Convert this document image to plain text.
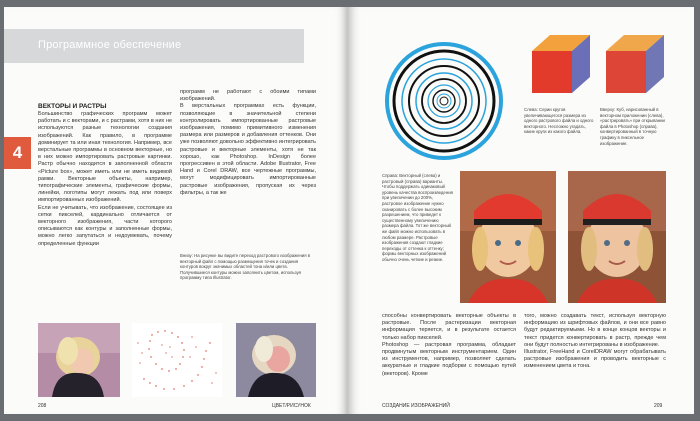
Программное обеспечение
4
ВЕКТОРЫ И РАСТРЫ
Большинство графических программ может работать и с векторами, и с растрами, хотя в них не используются разные технологии создания изображений. Как правило, в программе доминирует та или иная технология. Например, все верстальные программы в основном векторные, но в них можно импортировать растровые картинки. Растр обычно находится в заполненной области «Picture box», может иметь или не иметь видимой рамки. Векторные объекты, например, типографические элементы, графические формы, линейки, логотипы могут лежать под или поверх импортированных изображений.
Если не учитывать, что изображение, состоящее из сетки пикселей, кардинально отличается от векторного изображения, части которого описываются как контуры и заполненные формы, можно легко запутаться и недоумевать, почему определенные функции
программ не работают с обоими типами изображений.
В верстальных программах есть функции, позволяющие в значительной степени контролировать импортированные растровые изображения, помимо примитивного изменения размера или размеров и добавления оттенков. Они уже позволяют довольно эффективно интегрировать растровые и векторные элементы, хотя не так хорошо, как Photoshop. InDesign более прогрессивен в этой области. Adobe Illustrator, Free Hand и Corel DRAW, все чертежные программы, могут модифицировать импортированные растровые изображения, пропуская их через фильтры, а так же
Внизу: На рисунке вы видите переход растрового изображения в векторный файл с помощью размещения точек и создания контуров вокруг значимых областей тона и/или цвета. Получившиеся контуры можно заполнить цветом, используя программу типа Illustrator.
208	ЦВЕТ/РИСУНОК
Слева: Серии кругов увеличивающегося размера из одного растрового файла и одного векторного. Несложно угадать, какие круги из какого файла.
Вверху: Куб, нарисованный в векторном приложении (слева), «растрировать» при открывании файла в Photoshop (справа), конвертированный в точную графику в пиксельное изображение.
Справа: Векторный (слева) и растровый (справа) варианты. Чтобы поддержать одинаковый уровень качества воспроизведения при увеличении до 200%, растровое изображение нужно сканировать с более высоким разрешением, что приведет к существенному увеличению размера файла. Тот же векторный же файл можно использовать в любом размере. Растровые изображения создают гладкие переходы от оттенка к оттенку; формы векторных изображений обычно очень четкие и резкие.
способны конвертировать векторные объекты в растровые. После растеризации векторная информация теряется, и в результате остается только набор пикселей.
Photoshop — растровая программа, обладает продвинутым векторным инструментарием. Один из инструментов, например, позволяет сделать аккуратные и гладкие подборки с помощью путей (векторов). Кроме
того, можно создавать текст, используя векторную информацию из шрифтовых файлов, и они все равно будут редактируемыми. Но в конце концов векторы и текст придется конвертировать в растр, прежде чем они будут полностью интегрированы в изображение.
Illustrator, FreeHand и CorelDRAW могут обрабатывать растровые изображения и проводить векторные с изменением цвета и тона.
СОЗДАНИЕ ИЗОБРАЖЕНИЙ	209
